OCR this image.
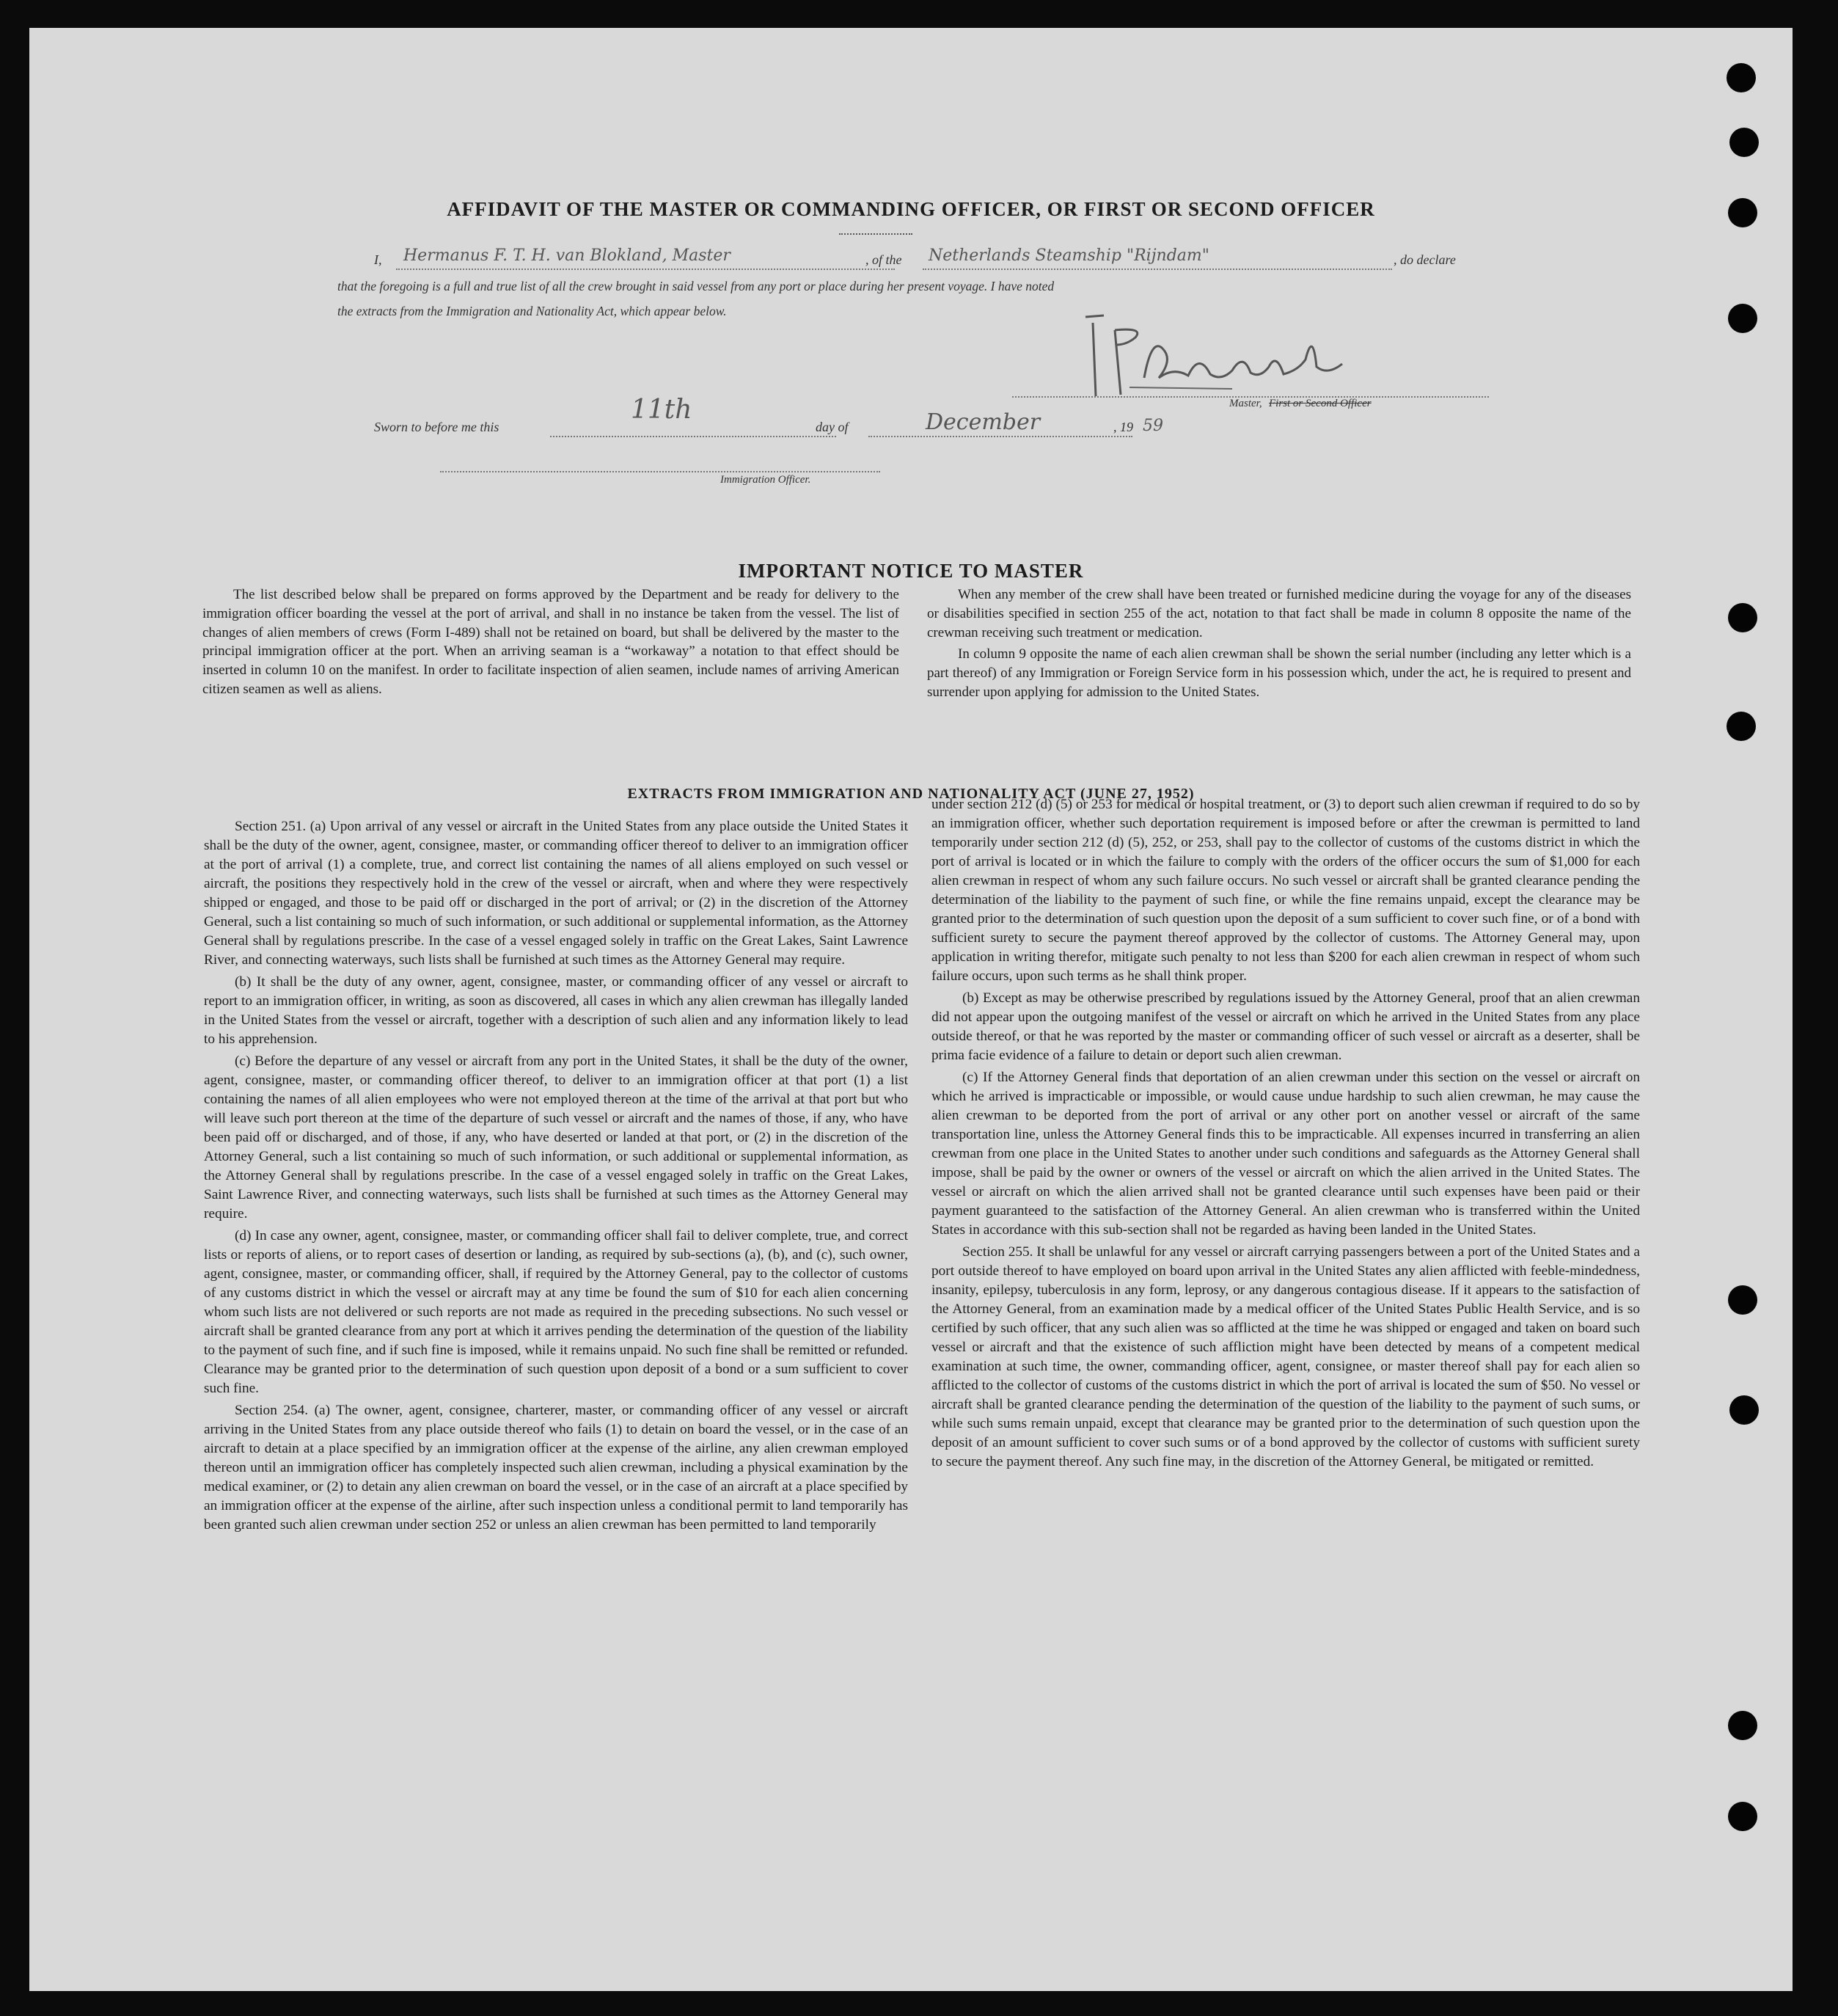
AFFIDAVIT OF THE MASTER OR COMMANDING OFFICER, OR FIRST OR SECOND OFFICER
I, Hermanus F. T. H. van Blokland, Master	, of the Netherlands Steamship "Rijndam"	, do declare
that the foregoing is a full and true list of all the crew brought in said vessel from any port or place during her present voyage. I have noted
the extracts from the Immigration and Nationality Act, which appear below.
Master, First or Second Officer
Sworn to before me this
11th
day of	December	, 19 59
Immigration Officer.
IMPORTANT NOTICE TO MASTER

The list described below shall be prepared on forms approved by the Department and be ready for delivery to the immigration officer boarding the vessel at the port of arrival, and shall in no instance be taken from the vessel. The list of changes of alien members of crews (Form I-489) shall not be retained on board, but shall be delivered by the master to the principal immigration officer at the port. When an arriving seaman is a “workaway” a notation to that effect should be inserted in column 10 on the manifest. In order to facilitate inspection of alien seamen, include names of arriving American citizen seamen as well as aliens.

When any member of the crew shall have been treated or furnished medicine during the voyage for any of the diseases or disabilities specified in section 255 of the act, notation to that fact shall be made in column 8 opposite the name of the crewman receiving such treatment or medication.

In column 9 opposite the name of each alien crewman shall be shown the serial number (including any letter which is a part thereof) of any Immigration or Foreign Service form in his possession which, under the act, he is required to present and surrender upon applying for admission to the United States.

EXTRACTS FROM IMMIGRATION AND NATIONALITY ACT (JUNE 27, 1952)

Section 251. (a) Upon arrival of any vessel or aircraft in the United States from any place outside the United States it shall be the duty of the owner, agent, consignee, master, or commanding officer thereof to deliver to an immigration officer at the port of arrival (1) a complete, true, and correct list containing the names of all aliens employed on such vessel or aircraft, the positions they respectively hold in the crew of the vessel or aircraft, when and where they were respectively shipped or engaged, and those to be paid off or discharged in the port of arrival; or (2) in the discretion of the Attorney General, such a list containing so much of such information, or such additional or supplemental information, as the Attorney General shall by regulations prescribe. In the case of a vessel engaged solely in traffic on the Great Lakes, Saint Lawrence River, and connecting waterways, such lists shall be furnished at such times as the Attorney General may require.

(b) It shall be the duty of any owner, agent, consignee, master, or commanding officer of any vessel or aircraft to report to an immigration officer, in writing, as soon as discovered, all cases in which any alien crewman has illegally landed in the United States from the vessel or aircraft, together with a description of such alien and any information likely to lead to his apprehension.

(c) Before the departure of any vessel or aircraft from any port in the United States, it shall be the duty of the owner, agent, consignee, master, or commanding officer thereof, to deliver to an immigration officer at that port (1) a list containing the names of all alien employees who were not employed thereon at the time of the arrival at that port but who will leave such port thereon at the time of the departure of such vessel or aircraft and the names of those, if any, who have been paid off or discharged, and of those, if any, who have deserted or landed at that port, or (2) in the discretion of the Attorney General, such a list containing so much of such information, or such additional or supplemental information, as the Attorney General shall by regulations prescribe. In the case of a vessel engaged solely in traffic on the Great Lakes, Saint Lawrence River, and connecting waterways, such lists shall be furnished at such times as the Attorney General may require.

(d) In case any owner, agent, consignee, master, or commanding officer shall fail to deliver complete, true, and correct lists or reports of aliens, or to report cases of desertion or landing, as required by sub-sections (a), (b), and (c), such owner, agent, consignee, master, or commanding officer, shall, if required by the Attorney General, pay to the collector of customs of any customs district in which the vessel or aircraft may at any time be found the sum of $10 for each alien concerning whom such lists are not delivered or such reports are not made as required in the preceding subsections. No such vessel or aircraft shall be granted clearance from any port at which it arrives pending the determination of the question of the liability to the payment of such fine, and if such fine is imposed, while it remains unpaid. No such fine shall be remitted or refunded. Clearance may be granted prior to the determination of such question upon deposit of a bond or a sum sufficient to cover such fine.

Section 254. (a) The owner, agent, consignee, charterer, master, or commanding officer of any vessel or aircraft arriving in the United States from any place outside thereof who fails (1) to detain on board the vessel, or in the case of an aircraft to detain at a place specified by an immigration officer at the expense of the airline, any alien crewman employed thereon until an immigration officer has completely inspected such alien crewman, including a physical examination by the medical examiner, or (2) to detain any alien crewman on board the vessel, or in the case of an aircraft at a place specified by an immigration officer at the expense of the airline, after such inspection unless a conditional permit to land temporarily has been granted such alien crewman under section 252 or unless an alien crewman has been permitted to land temporarily

under section 212 (d) (5) or 253 for medical or hospital treatment, or (3) to deport such alien crewman if required to do so by an immigration officer, whether such deportation requirement is imposed before or after the crewman is permitted to land temporarily under section 212 (d) (5), 252, or 253, shall pay to the collector of customs of the customs district in which the port of arrival is located or in which the failure to comply with the orders of the officer occurs the sum of $1,000 for each alien crewman in respect of whom any such failure occurs. No such vessel or aircraft shall be granted clearance pending the determination of the liability to the payment of such fine, or while the fine remains unpaid, except the clearance may be granted prior to the determination of such question upon the deposit of a sum sufficient to cover such fine, or of a bond with sufficient surety to secure the payment thereof approved by the collector of customs. The Attorney General may, upon application in writing therefor, mitigate such penalty to not less than $200 for each alien crewman in respect of whom such failure occurs, upon such terms as he shall think proper.

(b) Except as may be otherwise prescribed by regulations issued by the Attorney General, proof that an alien crewman did not appear upon the outgoing manifest of the vessel or aircraft on which he arrived in the United States from any place outside thereof, or that he was reported by the master or commanding officer of such vessel or aircraft as a deserter, shall be prima facie evidence of a failure to detain or deport such alien crewman.

(c) If the Attorney General finds that deportation of an alien crewman under this section on the vessel or aircraft on which he arrived is impracticable or impossible, or would cause undue hardship to such alien crewman, he may cause the alien crewman to be deported from the port of arrival or any other port on another vessel or aircraft of the same transportation line, unless the Attorney General finds this to be impracticable. All expenses incurred in transferring an alien crewman from one place in the United States to another under such conditions and safeguards as the Attorney General shall impose, shall be paid by the owner or owners of the vessel or aircraft on which the alien arrived in the United States. The vessel or aircraft on which the alien arrived shall not be granted clearance until such expenses have been paid or their payment guaranteed to the satisfaction of the Attorney General. An alien crewman who is transferred within the United States in accordance with this sub-section shall not be regarded as having been landed in the United States.

Section 255. It shall be unlawful for any vessel or aircraft carrying passengers between a port of the United States and a port outside thereof to have employed on board upon arrival in the United States any alien afflicted with feeble-mindedness, insanity, epilepsy, tuberculosis in any form, leprosy, or any dangerous contagious disease. If it appears to the satisfaction of the Attorney General, from an examination made by a medical officer of the United States Public Health Service, and is so certified by such officer, that any such alien was so afflicted at the time he was shipped or engaged and taken on board such vessel or aircraft and that the existence of such affliction might have been detected by means of a competent medical examination at such time, the owner, commanding officer, agent, consignee, or master thereof shall pay for each alien so afflicted to the collector of customs of the customs district in which the port of arrival is located the sum of $50. No vessel or aircraft shall be granted clearance pending the determination of the question of the liability to the payment of such sums, or while such sums remain unpaid, except that clearance may be granted prior to the determination of such question upon the deposit of an amount sufficient to cover such sums or of a bond approved by the collector of customs with sufficient surety to secure the payment thereof. Any such fine may, in the discretion of the Attorney General, be mitigated or remitted.
